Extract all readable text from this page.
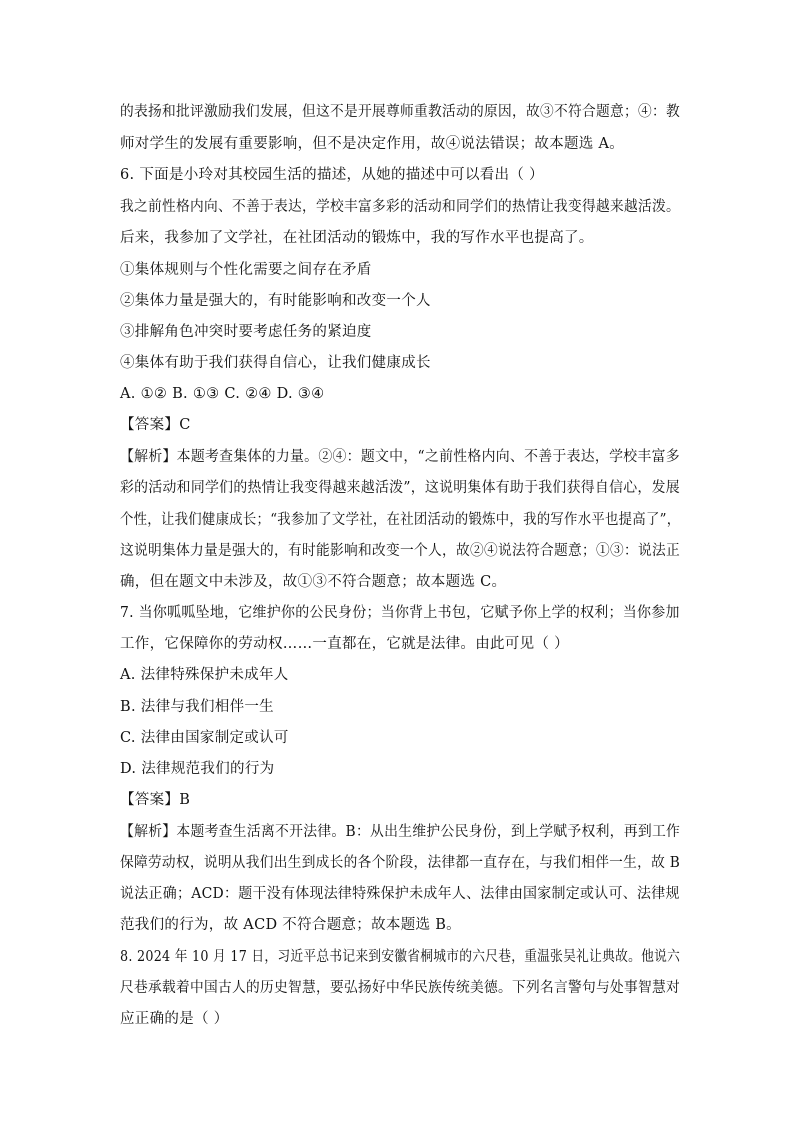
的表扬和批评激励我们发展，但这不是开展尊师重教活动的原因，故③不符合题意；④：教
师对学生的发展有重要影响，但不是决定作用，故④说法错误；故本题选 A。
6. 下面是小玲对其校园生活的描述，从她的描述中可以看出（ ）
我之前性格内向、不善于表达，学校丰富多彩的活动和同学们的热情让我变得越来越活泼。
后来，我参加了文学社，在社团活动的锻炼中，我的写作水平也提高了。
①集体规则与个性化需要之间存在矛盾
②集体力量是强大的，有时能影响和改变一个人
③排解角色冲突时要考虑任务的紧迫度
④集体有助于我们获得自信心，让我们健康成长
A. ①② B. ①③ C. ②④ D. ③④
【答案】C
【解析】本题考查集体的力量。②④：题文中，“之前性格内向、不善于表达，学校丰富多
彩的活动和同学们的热情让我变得越来越活泼”，这说明集体有助于我们获得自信心，发展
个性，让我们健康成长；“我参加了文学社，在社团活动的锻炼中，我的写作水平也提高了”，
这说明集体力量是强大的，有时能影响和改变一个人，故②④说法符合题意；①③：说法正
确，但在题文中未涉及，故①③不符合题意；故本题选 C。
7. 当你呱呱坠地，它维护你的公民身份；当你背上书包，它赋予你上学的权利；当你参加
工作，它保障你的劳动权……一直都在，它就是法律。由此可见（ ）
A. 法律特殊保护未成年人
B. 法律与我们相伴一生
C. 法律由国家制定或认可
D. 法律规范我们的行为
【答案】B
【解析】本题考查生活离不开法律。B：从出生维护公民身份，到上学赋予权利，再到工作
保障劳动权，说明从我们出生到成长的各个阶段，法律都一直存在，与我们相伴一生，故 B
说法正确；ACD：题干没有体现法律特殊保护未成年人、法律由国家制定或认可、法律规
范我们的行为，故 ACD 不符合题意；故本题选 B。
8. 2024 年 10 月 17 日，习近平总书记来到安徽省桐城市的六尺巷，重温张吴礼让典故。他说六
尺巷承载着中国古人的历史智慧，要弘扬好中华民族传统美德。下列名言警句与处事智慧对
应正确的是（ ）
